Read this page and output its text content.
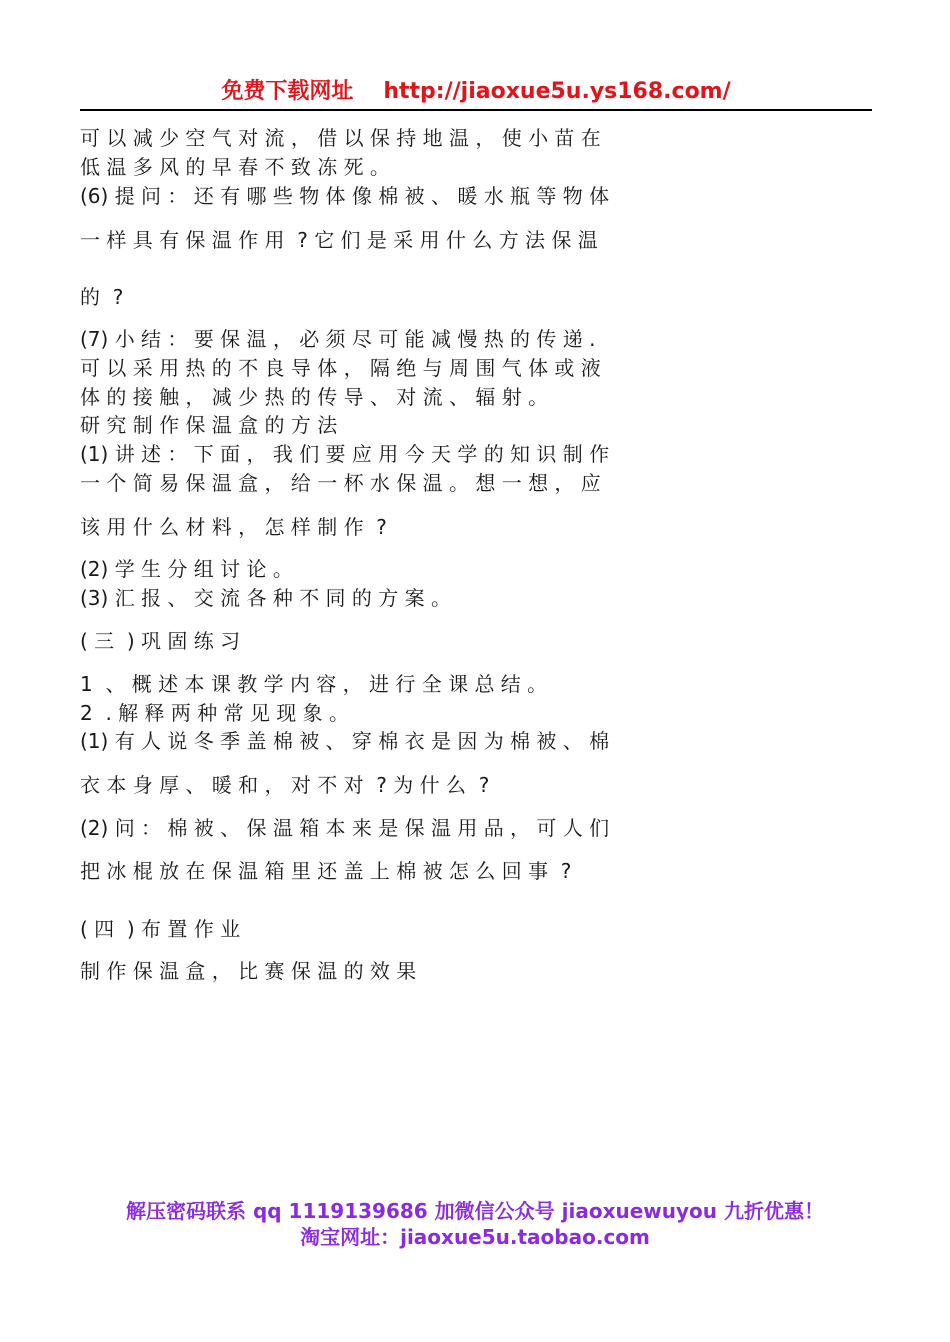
免费下载网址 http://jiaoxue5u.ys168.com/
可 以 减 少 空 气 对 流 ， 借 以 保 持 地 温 ， 使 小 苗 在
低 温 多 风 的 早 春 不 致 冻 死 。
(6) 提 问 ： 还 有 哪 些 物 体 像 棉 被 、 暖 水 瓶 等 物 体
一 样 具 有 保 温 作 用  ? 它 们 是 采 用 什 么 方 法 保 温
的  ?
(7) 小 结 ： 要 保 温 ， 必 须 尽 可 能 减 慢 热 的 传 递 .
可 以 采 用 热 的 不 良 导 体 ， 隔 绝 与 周 围 气 体 或 液
体 的 接 触 ， 减 少 热 的 传 导 、 对 流 、 辐 射 。
研 究 制 作 保 温 盒 的 方 法
(1) 讲 述 ： 下 面 ， 我 们 要 应 用 今 天 学 的 知 识 制 作
一 个 简 易 保 温 盒 ， 给 一 杯 水 保 温 。 想 一 想 ， 应
该 用 什 么 材 料 ， 怎 样 制 作  ?
(2) 学 生 分 组 讨 论 。
(3) 汇 报 、 交 流 各 种 不 同 的 方 案 。
( 三  ) 巩 固 练 习
1  、 概 述 本 课 教 学 内 容 ， 进 行 全 课 总 结 。
2  . 解 释 两 种 常 见 现 象 。
(1) 有 人 说 冬 季 盖 棉 被 、 穿 棉 衣 是 因 为 棉 被 、 棉
衣 本 身 厚 、 暖 和 ， 对 不 对  ? 为 什 么  ?
(2) 问 ： 棉 被 、 保 温 箱 本 来 是 保 温 用 品 ， 可 人 们
把 冰 棍 放 在 保 温 箱 里 还 盖 上 棉 被 怎 么 回 事  ?
( 四  ) 布 置 作 业
制 作 保 温 盒 ， 比 赛 保 温 的 效 果
解压密码联系 qq 1119139686 加微信公众号 jiaoxuewuyou 九折优惠！
淘宝网址：jiaoxue5u.taobao.com
